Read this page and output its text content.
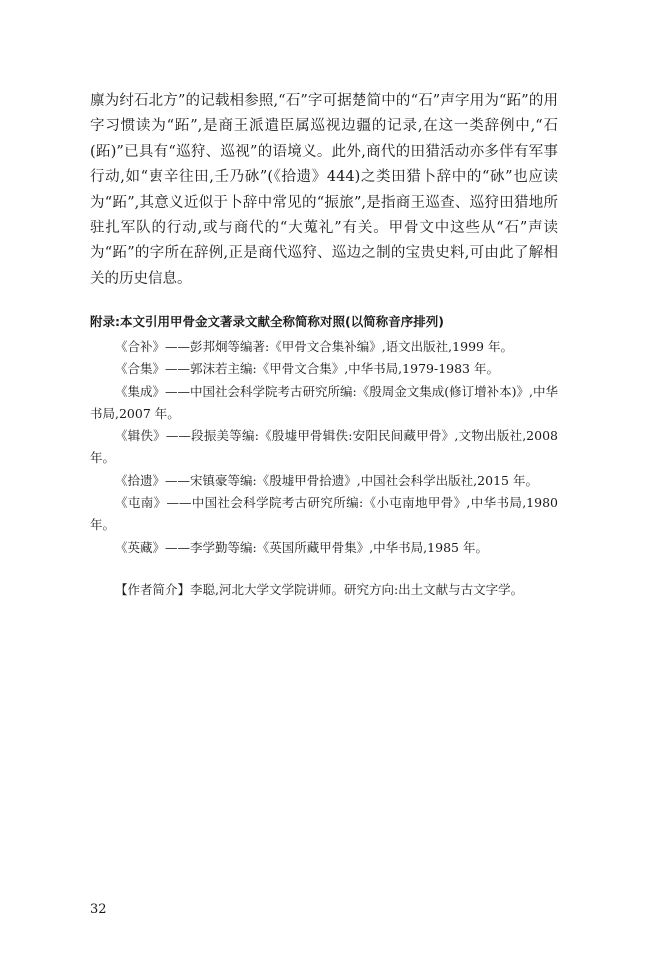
廪为纣石北方”的记载相参照,“石”字可据楚简中的“石”声字用为“跖”的用字习惯读为“跖”,是商王派遣臣属巡视边疆的记录,在这一类辞例中,“石(跖)”已具有“巡狩、巡视”的语境义。此外,商代的田猎活动亦多伴有军事行动,如“叀辛往田,壬乃砅”(《拾遗》444)之类田猎卜辞中的“砅”也应读为“跖”,其意义近似于卜辞中常见的“振旅”,是指商王巡查、巡狩田猎地所驻扎军队的行动,或与商代的“大蒐礼”有关。甲骨文中这些从“石”声读为“跖”的字所在辞例,正是商代巡狩、巡边之制的宝贵史料,可由此了解相关的历史信息。

附录:本文引用甲骨金文著录文献全称简称对照(以简称音序排列)

《合补》——彭邦炯等编著:《甲骨文合集补编》,语文出版社,1999 年。

《合集》——郭沫若主编:《甲骨文合集》,中华书局,1979-1983 年。

《集成》——中国社会科学院考古研究所编:《殷周金文集成(修订增补本)》,中华书局,2007 年。

《辑佚》——段振美等编:《殷墟甲骨辑佚:安阳民间藏甲骨》,文物出版社,2008 年。

《拾遗》——宋镇豪等编:《殷墟甲骨拾遗》,中国社会科学出版社,2015 年。

《屯南》——中国社会科学院考古研究所编:《小屯南地甲骨》,中华书局,1980 年。

《英藏》——李学勤等编:《英国所藏甲骨集》,中华书局,1985 年。

【作者简介】李聪,河北大学文学院讲师。研究方向:出土文献与古文字学。
32
